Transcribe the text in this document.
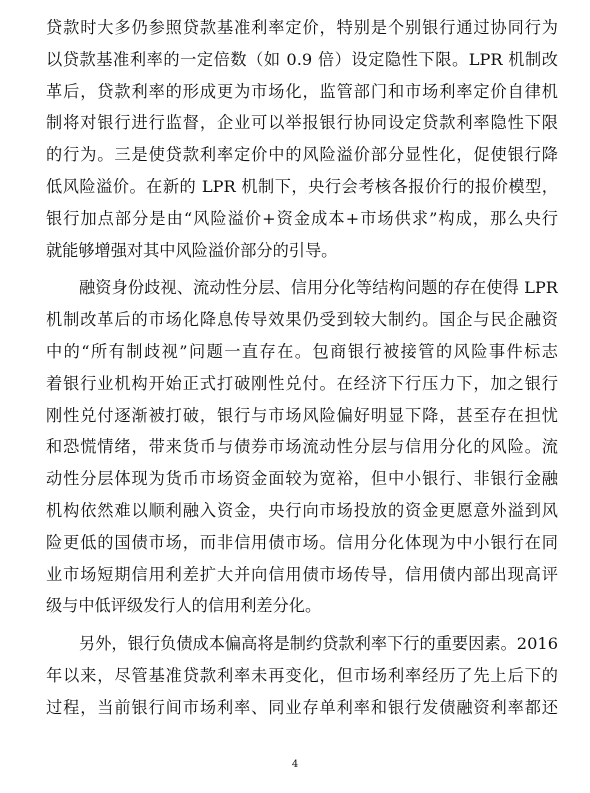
贷款时大多仍参照贷款基准利率定价，特别是个别银行通过协同行为
以贷款基准利率的一定倍数（如 0.9 倍）设定隐性下限。LPR 机制改
革后，贷款利率的形成更为市场化，监管部门和市场利率定价自律机
制将对银行进行监督，企业可以举报银行协同设定贷款利率隐性下限
的行为。三是使贷款利率定价中的风险溢价部分显性化，促使银行降
低风险溢价。在新的 LPR 机制下，央行会考核各报价行的报价模型，
银行加点部分是由“风险溢价+资金成本+市场供求”构成，那么央行
就能够增强对其中风险溢价部分的引导。
融资身份歧视、流动性分层、信用分化等结构问题的存在使得 LPR
机制改革后的市场化降息传导效果仍受到较大制约。国企与民企融资
中的“所有制歧视”问题一直存在。包商银行被接管的风险事件标志
着银行业机构开始正式打破刚性兑付。在经济下行压力下，加之银行
刚性兑付逐渐被打破，银行与市场风险偏好明显下降，甚至存在担忧
和恐慌情绪，带来货币与债券市场流动性分层与信用分化的风险。流
动性分层体现为货币市场资金面较为宽裕，但中小银行、非银行金融
机构依然难以顺利融入资金，央行向市场投放的资金更愿意外溢到风
险更低的国债市场，而非信用债市场。信用分化体现为中小银行在同
业市场短期信用利差扩大并向信用债市场传导，信用债内部出现高评
级与中低评级发行人的信用利差分化。
另外，银行负债成本偏高将是制约贷款利率下行的重要因素。2016
年以来，尽管基准贷款利率未再变化，但市场利率经历了先上后下的
过程，当前银行间市场利率、同业存单利率和银行发债融资利率都还
4
